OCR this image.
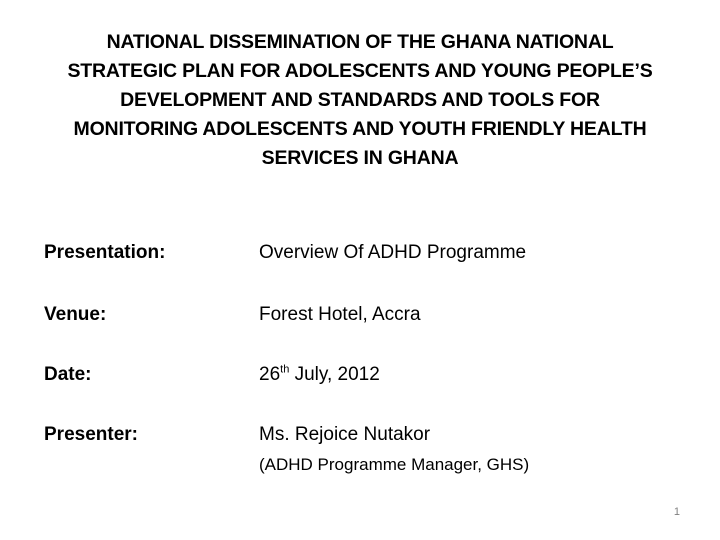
NATIONAL DISSEMINATION OF THE GHANA NATIONAL
STRATEGIC PLAN FOR ADOLESCENTS AND YOUNG PEOPLE’S
DEVELOPMENT AND STANDARDS AND TOOLS FOR
MONITORING ADOLESCENTS AND YOUTH FRIENDLY HEALTH
SERVICES IN GHANA
Presentation:	Overview Of ADHD Programme
Venue:	Forest Hotel, Accra
Date:	26th July, 2012
Presenter:	Ms. Rejoice Nutakor
(ADHD Programme Manager, GHS)
1
